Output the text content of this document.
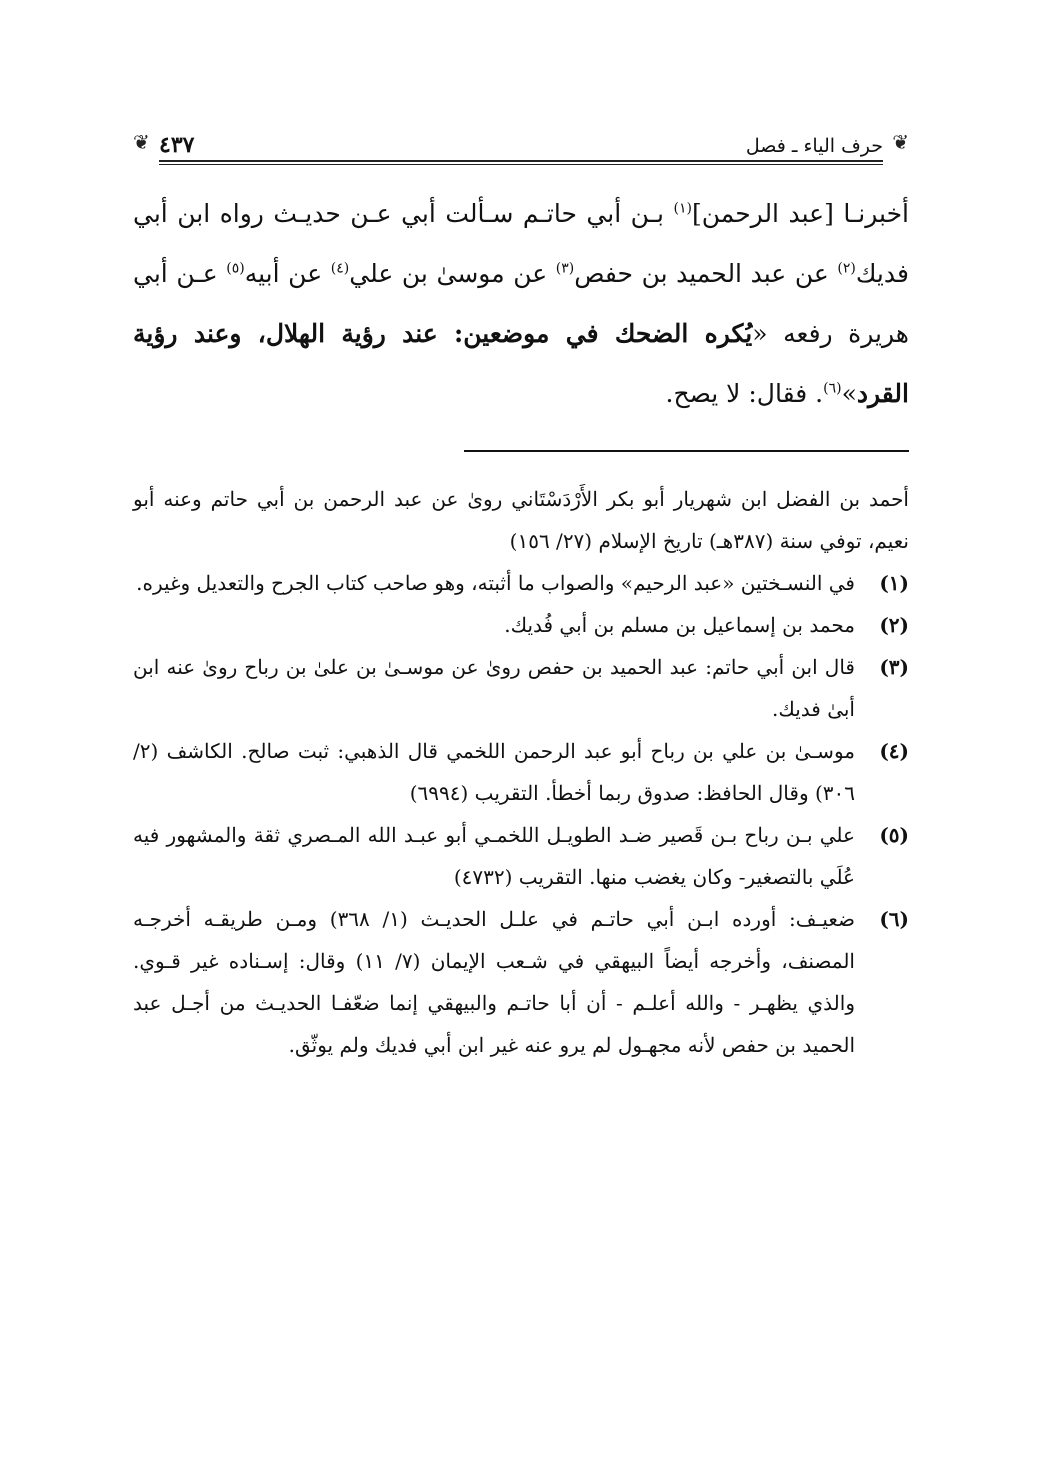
❦
حرف الياء ـ فصل
٤٣٧
❦
أخبرنـا [عبد الرحمن]$^{(١)}$ بـن أبي حاتـم سـألت أبي عـن حديـث رواه ابن أبي فديك$^{(٢)}$ عن عبد الحميد بن حفص$^{(٣)}$ عن موسىٰ بن علي$^{(٤)}$ عن أبيه$^{(٥)}$ عـن أبي هريرة رفعه «يُكره الضحك في موضعين: عند رؤية الهلال، وعند رؤية القرد»$^{(٦)}$. فقال: لا يصح.

أحمد بن الفضل ابن شهريار أبو بكر الأَرْدَسْتَاني روىٰ عن عبد الرحمن بن أبي حاتم وعنه أبو نعيم، توفي سنة (٣٨٧هـ) تاريخ الإسلام (٢٧/ ١٥٦)

(١)
في النسـختين «عبد الرحيم» والصواب ما أثبته، وهو صاحب كتاب الجرح والتعديل وغيره.
(٢)
محمد بن إسماعيل بن مسلم بن أبي فُديك.
(٣)
قال ابن أبي حاتم: عبد الحميد بن حفص روىٰ عن موسـىٰ بن علىٰ بن رباح روىٰ عنه ابن أبىٰ فديك.
(٤)
موسـىٰ بن علي بن رباح أبو عبد الرحمن اللخمي قال الذهبي: ثبت صالح. الكاشف (٢/ ٣٠٦) وقال الحافظ: صدوق ربما أخطأ. التقريب (٦٩٩٤)
(٥)
علي بـن رباح بـن قَصير ضـد الطويـل اللخمـي أبو عبـد الله المـصري ثقة والمشهور فيه عُلَي بالتصغير- وكان يغضب منها. التقريب (٤٧٣٢)
(٦)
ضعيـف: أورده ابـن أبي حاتـم في علـل الحديـث (١/ ٣٦٨) ومـن طريقـه أخرجـه المصنف، وأخرجه أيضاً البيهقي في شـعب الإيمان (٧/ ١١) وقال: إسـناده غير قـوي. والذي يظهـر - والله أعلـم - أن أبا حاتـم والبيهقي إنما ضعّفـا الحديـث من أجـل عبد الحميد بن حفص لأنه مجهـول لم يرو عنه غير ابن أبي فديك ولم يوثّق.
